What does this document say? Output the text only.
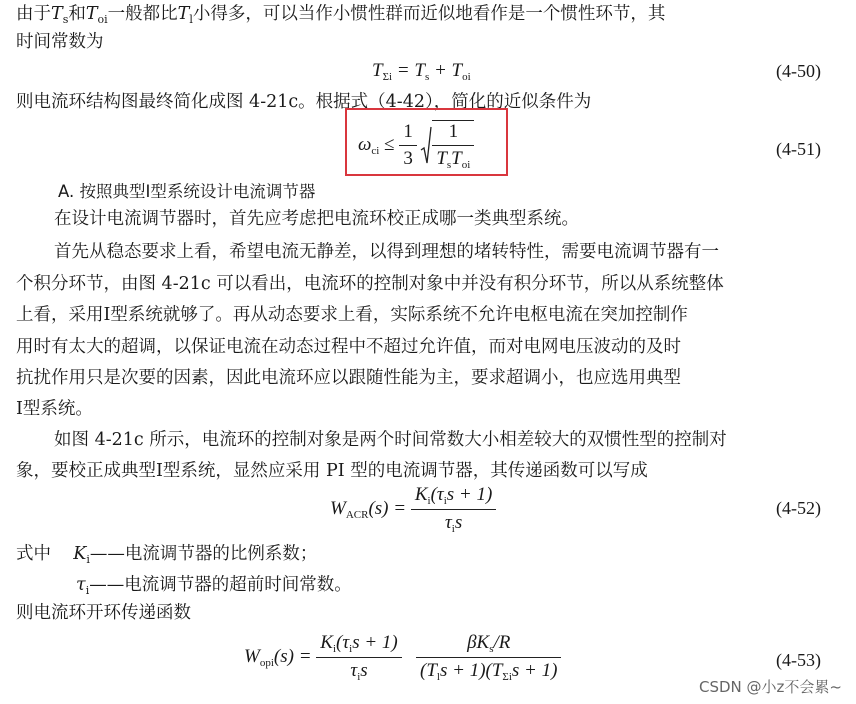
由于$T_s$和$T_{oi}$一般都比$T_l$小得多，可以当作小惯性群而近似地看作是一个惯性环节，其
时间常数为
$T_{\Sigma i} = T_s + T_{oi}$	(4-50)
则电流环结构图最终简化成图 4-21c。根据式（4-42），简化的近似条件为
$\omega_{ci} \le \frac{1}{3}$
$\frac{1}{T_sT_{oi}}$	(4-51)
A. 按照典型Ⅰ型系统设计电流调节器
在设计电流调节器时，首先应考虑把电流环校正成哪一类典型系统。
首先从稳态要求上看，希望电流无静差，以得到理想的堵转特性，需要电流调节器有一
个积分环节，由图 4-21c 可以看出，电流环的控制对象中并没有积分环节，所以从系统整体
上看，采用Ⅰ型系统就够了。再从动态要求上看，实际系统不允许电枢电流在突加控制作
用时有太大的超调，以保证电流在动态过程中不超过允许值，而对电网电压波动的及时
抗扰作用只是次要的因素，因此电流环应以跟随性能为主，要求超调小，也应选用典型
Ⅰ型系统。
如图 4-21c 所示，电流环的控制对象是两个时间常数大小相差较大的双惯性型的控制对
象，要校正成典型Ⅰ型系统，显然应采用 PI 型的电流调节器，其传递函数可以写成
$W_{ACR}(s) = \frac{K_i(\tau_is + 1)}{\tau_is}$	(4-52)
式中 $K_i——$电流调节器的比例系数；
$\tau_i——$电流调节器的超前时间常数。
则电流环开环传递函数
$W_{opi}(s) = \frac{K_i(\tau_is + 1)}{\tau_is}$
$\frac{\beta K_s/R}{(T_ls + 1)(T_{\Sigma i}s + 1)}$	(4-53)
CSDN @小z不会累~
